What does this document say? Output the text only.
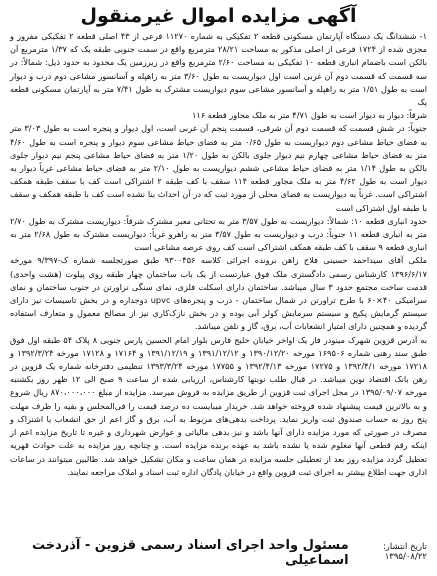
آگهی مزایده اموال غیرمنقول

۱- ششدانگ یک دستگاه آپارتمان مسکونی قطعه ۲ تفکیکی به شماره ۱۱۲۷۰ فرعی از ۴۳ اصلی قطعه ۲ تفکیکی مفروز و مجزی شده از ۱۷۲۴ فرعی از اصلی مذکور به مساحت ۲۸/۲۱ مترمربع واقع در سمت جنوبی طبقه یک که ۱/۳۷ مترمربع آن بالکن است باضمام انباری قطعه ۱۰ تفکیکی به مساحت ۲/۶۰ مترمربع واقع در زیرزمین یک محدود به حدود ذیل: شمالاً: در سه قسمت که قسمت دوم آن غربی است اول دیواریست به طول ۳/۶۰ متر به راهپله و آسانسور مشاعی دوم درب و دیوار است به طول ۱/۵۱ متر به راهپله و آسانسور مشاعی سوم دیواریست مشترک به طول ۷/۴۱ متر به آپارتمان مسکونی قطعه یک

شرقاً: دیوار به دیوار است به طول ۴/۷۱ متر به ملک مجاور قطعه ۱۱۶

جنوباً: در شش قسمت که قسمت دوم آن شرقی، قسمت پنجم آن غربی است، اول دیوار و پنجره است به طول ۳/۰۳ متر به فضای حیاط مشاعی دوم دیواریست به طول ۰/۶۵ متر به فضای حیاط مشاعی سوم دیوار و پنجره است به طول ۴/۶۰ متر به فضای حیاط مشاعی چهارم نیم دیوار جلوی بالکن به طول ۱/۲۰ متر به فضای حیاط مشاعی پنجم نیم دیوار جلوی بالکن به طول ۱/۱۴ متر به فضای حیاط مشاعی ششم دیواریست به طول ۲/۱۰ متر به فضای حیاط مشاعی غرباً دیوار به دیوار است به طول ۴/۶۲ متر به ملک مجاور قطعه ۱۱۴ سقف با کف طبقه ۲ اشتراکی است کف با سقف طبقه همکف اشتراکی است. غرباً به دیواریست به فضای محلی از مورد ثبت که در آن احداث بنا نشده است کف با طبقه همکف و سقف با طبقه اول اشتراکی است

حدود انباری قطعه ۱۰: شمالاً: دیواریست به طول ۳/۵۷ متر به تحتانی معبر مشترک شرقاً: دیواریست مشترک به طول ۲/۷۰ متر به انباری قطعه ۱۱ جنوباً: درب و دیواریست به طول ۳/۵۷ متر به راهرو غرباً: دیواریست مشترک به طول ۲/۶۸ متر به انباری قطعه ۹ سقف با کف طبقه همکف اشتراکی است کف روی عرصه مشاعی است

ملکی آقای سیداحمد حسینی فلاح زاهن برونده اجرائی کلاسه ۹۳۰۰۴۵۶ طبق صورتجلسه شماره ک-۹/۳۹۷ مورخه ۱۳۹۶/۶/۱۷ کارشناس رسمی دادگستری ملک فوق عبارتست از یک باب ساختمان چهار طبقه روی پیلوت (هشت واحدی) قدمت ساخت مجتمع حدود ۳ سال میباشد. ساختمان دارای اسکلت فلزی، نمای سنگی تراورتن در جنوب ساختمان و نمای سرامیکی ۴۰×۶۰ با طرح تراورتن در شمال ساختمان - درب و پنجره‌های upvc دوجداره و در بخش تاسیسات نیز دارای سیستم گرمایش پکیج و سیستم سرمایش کولر آبی بوده و در بخش نازک‌کاری نیز از مصالح معمول و متعارف استفاده گردیده و همچنین دارای امتیاز انشعابات آب، برق، گاز و تلفن میباشد.

به آدرس قزوین شهرک مینودر فاز یک اواخر خیابان خلیج فارس بلوار امام الحسین پارس جنوبی ۸ پلاک ۵۴ طبقه اول فوق طبق سند رهنی شماره ۱۶۹۵۰۶ مورخه ۱۳۹۰/۱۲/۲۰ و ۱۳۹۱/۱۲/۱۲ و ۱۳۹۱/۱۲/۱۹ و ۱۷۱۶۴ و ۱۷۱۲۸ مورخه ۱۳۹۲/۳/۲۴ و ۱۷۲۱۸ مورخه ۱۳۹۲/۴/۱ و ۱۷۲۷۵ مورخه ۱۳۹۲/۴/۱۳ و ۱۷۷۵۵ مورخه ۱۳۹۳/۳/۲۴ تنظیمی دفترخانه شماره یک قزوین در رهن بانک اقتصاد نوین میباشد. در قبال طلب نوبتها کارشناس، ارزیابی شده از ساعت ۹ صبح الی ۱۲ ظهر روز یکشنبه مورخه ۱۳۹۵/۰۹/۰۷ در محل اجرای ثبت قزوین از طریق مزایده به فروش میرسد. مزایده از مبلغ ۸۷۰،۰۰۰،۰۰۰ ریال شروع و به بالاترین قیمت پیشنهاد شده فروخته خواهد شد. خریدار میبایست ده درصد قیمت را فی‌المجلس و بقیه را ظرف مهلت پنج روز به حساب صندوق ثبت واریز نماید. پرداخت بدهی‌های مربوط به آب، برق و گاز اعم از حق انشعاب یا اشتراک و مصرف در صورتی که مورد مزایده دارای آنها باشد و نیز بدهی مالیاتی و عوارض شهرداری و غیره تا تاریخ مزایده اعم از اینکه رقم قطعی آنها معلوم شده یا نشده باشد به عهده برنده مزایده است. و چنانچه روز مزایده به علت حوادث قهریه تعطیل گردد مزایده روز بعد از تعطیلی جلسه مزایده در همان ساعت و مکان تشکیل خواهد شد. طالبین میتوانند در ساعات اداری جهت اطلاع بیشتر به اجرای ثبت قزوین واقع در خیابان پادگان اداره ثبت اسناد و املاک مراجعه نمایند.

تاریخ انتشار: ۱۳۹۵/۰۸/۲۲
مسئول واحد اجرای اسناد رسمی قزوین - آذردخت اسماعیلی
